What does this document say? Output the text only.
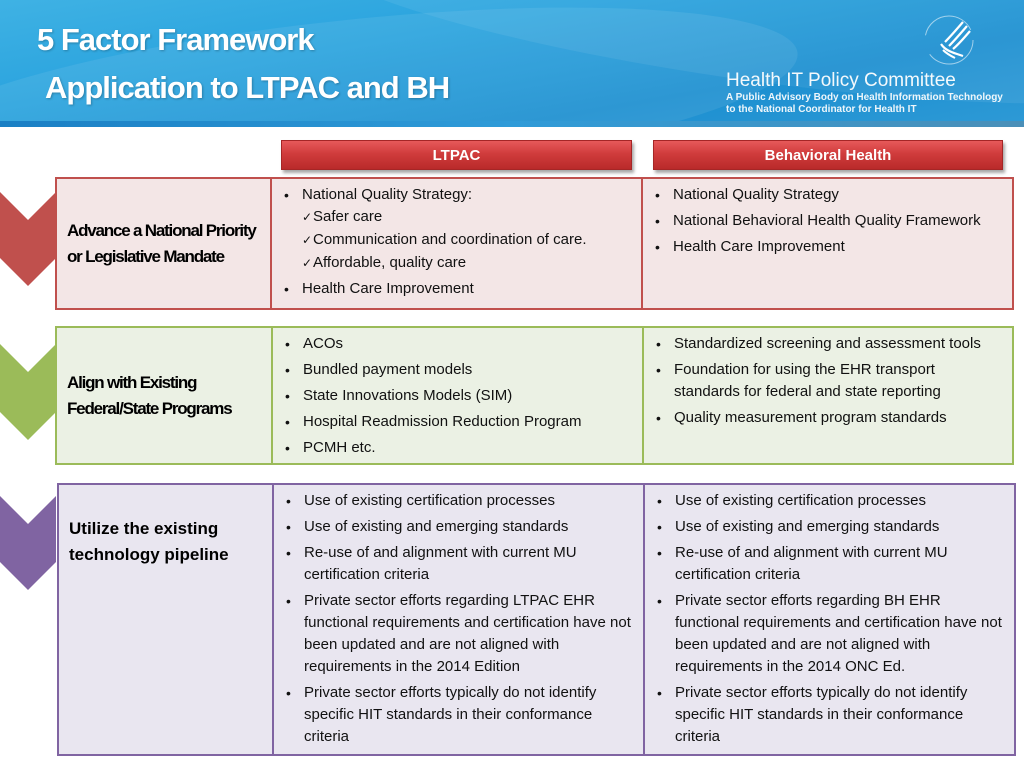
5 Factor Framework
Application to LTPAC and BH	Health IT Policy Committee
A Public Advisory Body on Health Information Technology
to the National Coordinator for Health IT
LTPAC	Behavioral Health
Advance a National Priority or Legislative Mandate
• National Quality Strategy:
✓ Safer care
✓ Communication and coordination of care.
✓ Affordable, quality care
• Health Care Improvement
• National Quality Strategy
• National Behavioral Health Quality Framework
• Health Care Improvement
Align with Existing Federal/State Programs
• ACOs
• Bundled payment models
• State Innovations Models (SIM)
• Hospital Readmission Reduction Program
• PCMH etc.
• Standardized screening and assessment tools
• Foundation for using the EHR transport standards for federal and state reporting
• Quality measurement program standards
Utilize the existing technology pipeline
• Use of existing certification processes
• Use of existing and emerging standards
• Re-use of and alignment with current MU certification criteria
• Private sector efforts regarding LTPAC EHR functional requirements and certification have not been updated and are not aligned with requirements in the 2014 Edition
• Private sector efforts typically do not identify specific HIT standards in their conformance criteria
• Use of existing certification processes
• Use of existing and emerging standards
• Re-use of and alignment with current MU certification criteria
• Private sector efforts regarding BH EHR functional requirements and certification have not been updated and are not aligned with requirements in the 2014 ONC Ed.
• Private sector efforts typically do not identify specific HIT standards in their conformance criteria
